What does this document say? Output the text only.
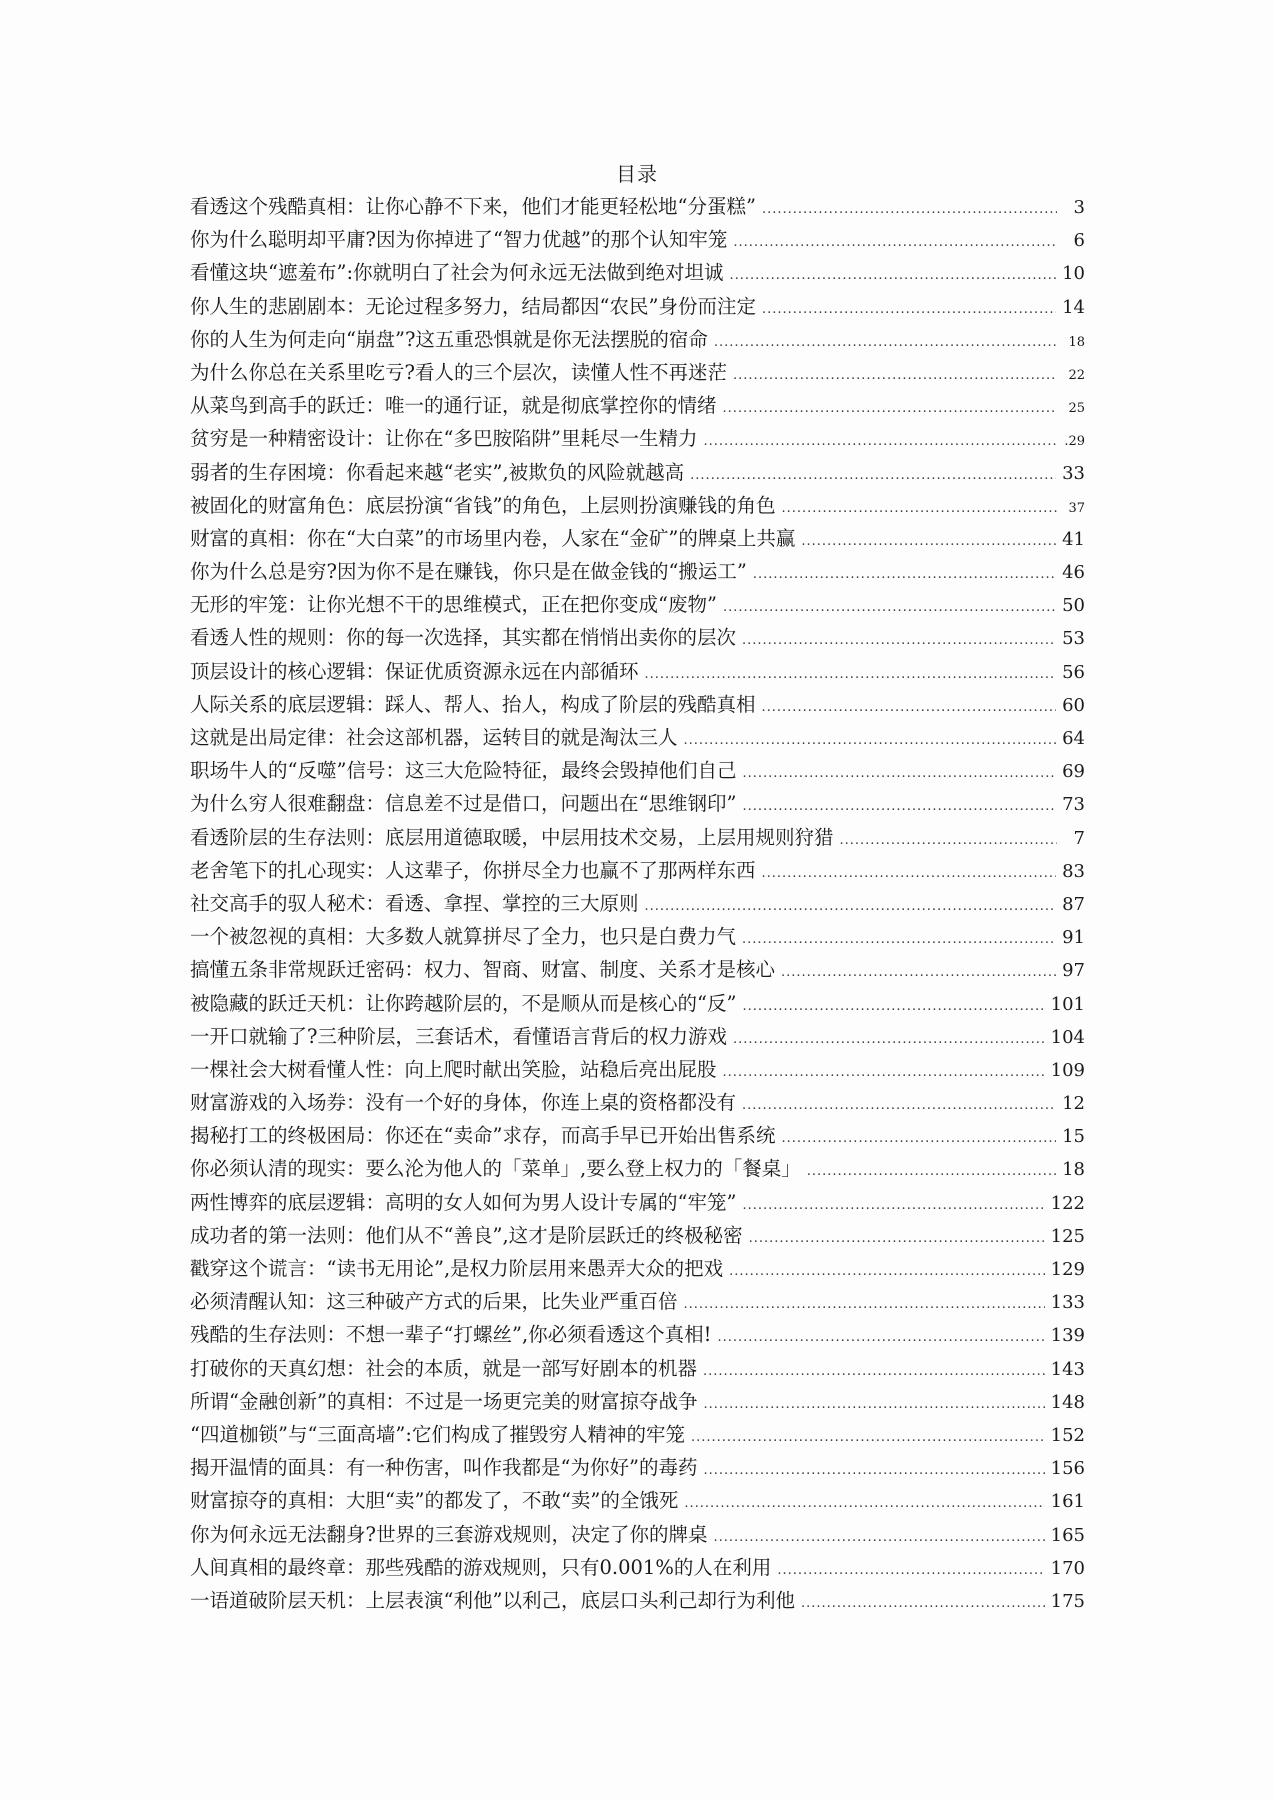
目录
看透这个残酷真相：让你心静不下来，他们才能更轻松地“分蛋糕” .....	3
你为什么聪明却平庸?因为你掉进了“智力优越”的那个认知牢笼 .....	6
看懂这块“遮羞布”:你就明白了社会为何永远无法做到绝对坦诚 .....	10
你人生的悲剧剧本：无论过程多努力，结局都因“农民”身份而注定 .....	14
你的人生为何走向“崩盘”?这五重恐惧就是你无法摆脱的宿命 .....	18
为什么你总在关系里吃亏?看人的三个层次，读懂人性不再迷茫 .....	22
从菜鸟到高手的跃迁：唯一的通行证，就是彻底掌控你的情绪 .....	25
贫穷是一种精密设计：让你在“多巴胺陷阱”里耗尽一生精力 .....	.29
弱者的生存困境：你看起来越“老实”,被欺负的风险就越高 .....	33
被固化的财富角色：底层扮演“省钱”的角色，上层则扮演赚钱的角色 .....	37
财富的真相：你在“大白菜”的市场里内卷，人家在“金矿”的牌桌上共赢 .....	41
你为什么总是穷?因为你不是在赚钱，你只是在做金钱的“搬运工” .....	46
无形的牢笼：让你光想不干的思维模式，正在把你变成“废物” .....	50
看透人性的规则：你的每一次选择，其实都在悄悄出卖你的层次 .....	53
顶层设计的核心逻辑：保证优质资源永远在内部循环 .....	56
人际关系的底层逻辑：踩人、帮人、抬人，构成了阶层的残酷真相 .....	60
这就是出局定律：社会这部机器，运转目的就是淘汰三人 .....	64
职场牛人的“反噬”信号：这三大危险特征，最终会毁掉他们自己 .....	69
为什么穷人很难翻盘：信息差不过是借口，问题出在“思维钢印” .....	73
看透阶层的生存法则：底层用道德取暖，中层用技术交易，上层用规则狩猎 .....	7
老舍笔下的扎心现实：人这辈子，你拼尽全力也赢不了那两样东西 .....	83
社交高手的驭人秘术：看透、拿捏、掌控的三大原则 .....	87
一个被忽视的真相：大多数人就算拼尽了全力，也只是白费力气 .....	91
搞懂五条非常规跃迁密码：权力、智商、财富、制度、关系才是核心 .....	97
被隐藏的跃迁天机：让你跨越阶层的，不是顺从而是核心的“反” .....	101
一开口就输了?三种阶层，三套话术，看懂语言背后的权力游戏 .....	104
一棵社会大树看懂人性：向上爬时献出笑脸，站稳后亮出屁股 .....	109
财富游戏的入场券：没有一个好的身体，你连上桌的资格都没有 .....	12
揭秘打工的终极困局：你还在“卖命”求存，而高手早已开始出售系统 .....	15
你必须认清的现实：要么沦为他人的「菜单」,要么登上权力的「餐桌」 .....	18
两性博弈的底层逻辑：高明的女人如何为男人设计专属的“牢笼” .....	122
成功者的第一法则：他们从不“善良”,这才是阶层跃迁的终极秘密 .....	125
戳穿这个谎言：“读书无用论”,是权力阶层用来愚弄大众的把戏 .....	129
必须清醒认知：这三种破产方式的后果，比失业严重百倍 .....	133
残酷的生存法则：不想一辈子“打螺丝”,你必须看透这个真相! .....	139
打破你的天真幻想：社会的本质，就是一部写好剧本的机器 .....	143
所谓“金融创新”的真相：不过是一场更完美的财富掠夺战争 .....	148
“四道枷锁”与“三面高墙”:它们构成了摧毁穷人精神的牢笼 .....	152
揭开温情的面具：有一种伤害，叫作我都是“为你好”的毒药 .....	156
财富掠夺的真相：大胆“卖”的都发了，不敢“卖”的全饿死 .....	161
你为何永远无法翻身?世界的三套游戏规则，决定了你的牌桌 .....	165
人间真相的最终章：那些残酷的游戏规则，只有0.001%的人在利用 .....	170
一语道破阶层天机：上层表演“利他”以利己，底层口头利己却行为利他 .....	175
